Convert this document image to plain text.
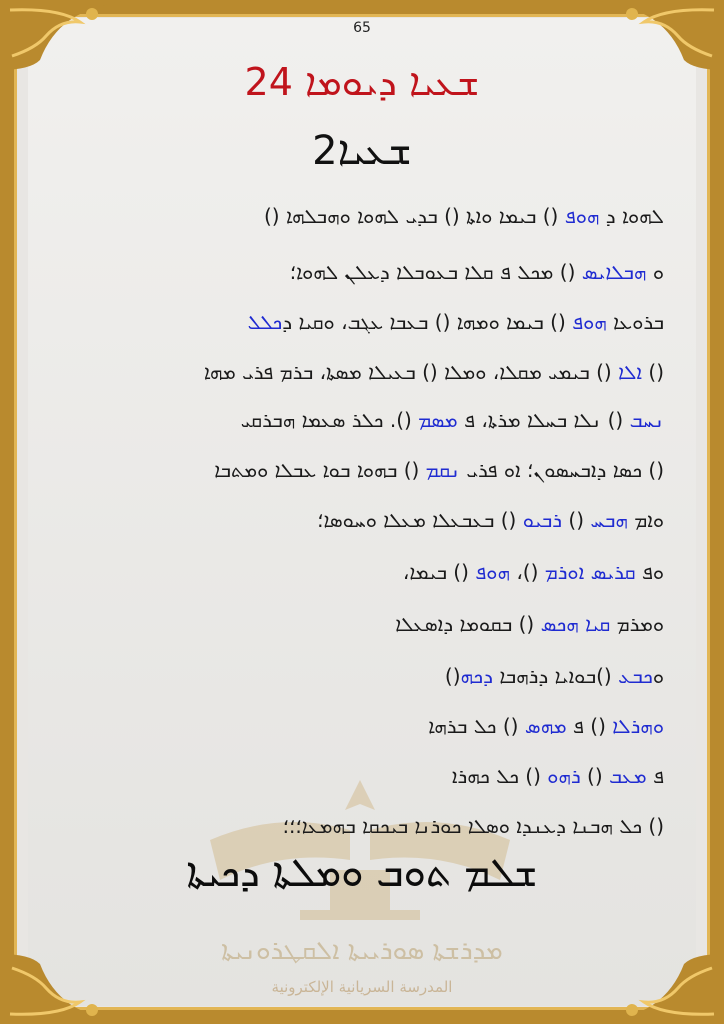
65
24 ܫܥܝܐ ܕܝܘܡܐ
2ܫܥܝܐ
ܠܗܘܐ ܕ ܗܘܦ () ܒܝܡܐ ܘܐܬܐ () ܒܕܝ ܠܗܘܐ ܘܗܒܠܗܐ ()
ܘ ܗܒܠܐܝܣ () ܡܟܠ ܦ ܩܠܐ ܒܥܘܒܠܐ ܕܥܠܢ ܠܗܘܐ؛
ܒܪܘܥܐ ܗܘܦ () ܒܝܡܐ ܘܡܗܐ () ܒܥܒܐ ܥܓܒ، ܘܩܝܐ ܕܟܠܠ
() ܐܠܐ () ܒܝܡܝ ܡܩܠܐ، ܘܡܠܐ () ܒܥܝܠܐ ܡܣܬܐ، ܒܪܡ ܦܪܝ ܡܗܐ
ܢܚܒ () ܢܠܐ ܒܚܠܐ ܡܪܬܐ، ܦ ܡܣܡ (). ܟܠܪ ܣܥܡܐ ܗܒܪܩܝ
() ܟܣܐ ܕܐܒܚܣܘܢ؛ ܐܘ ܦܪܝ ܢܩܡ () ܒܗܘܐ ܒܘܐ ܥܒܠܐ ܘܡܬܒܐ
ܘܐܡ ܗܒܚ () ܪܒܝܘ () ܒܥܒܥܠܐ ܡܥܠܐ ܘܚܘܣܐ؛
ܘܦ ܩܪܝܣ ܐܘܪܡ ()، ܗܘܦ () ܒܝܡܐ،
ܘܡܪܡ ܩܝܐ ܗܟܣ () ܒܩܘܡܐ ܕܐܣܥܠܐ
ܘܟܒܥ ()ܒܘܐܝܐ ܕܪܗܒܐ ܕܟܗ()
ܘܗܪܠܐ () ܦ ܡܗܣ () ܟܠ ܒܪܗܐ
ܦ ܡܥܒ () ܪܗܘ () ܟܠ ܟܗܪܐ
() ܟܠ ܗܒܢܐ ܕܥܢܕܐ ܘܣܠܐ ܟܘܪܢܐ ܒܝܟܩܐ ܒܗܡܥܐ؛؛؛
ܫܠܡ ܬܘܒ ܘܡܠܬܐ ܕܟܝܬܐ
ܡܕܪܫܬܐ ܣܘܪܝܝܬܐ ܐܠܩܛܪܘܢܝܬܐ
المدرسة السريانية الإلكترونية
